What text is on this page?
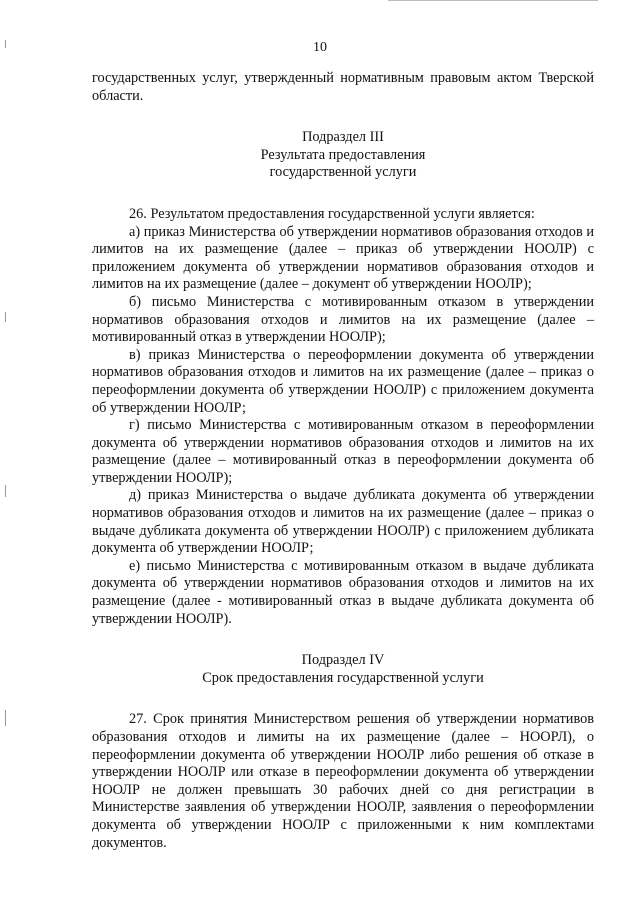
10

государственных услуг, утвержденный нормативным правовым актом Тверской области.

Подраздел III

Результата предоставления

государственной услуги

26. Результатом предоставления государственной услуги является:

а) приказ Министерства об утверждении нормативов образования отходов и лимитов на их размещение (далее – приказ об утверждении НООЛР) с приложением документа об утверждении нормативов образования отходов и лимитов на их размещение (далее – документ об утверждении НООЛР);

б) письмо Министерства с мотивированным отказом в утверждении нормативов образования отходов и лимитов на их размещение (далее – мотивированный отказ в утверждении НООЛР);

в) приказ Министерства о переоформлении документа об утверждении нормативов образования отходов и лимитов на их размещение (далее – приказ о переоформлении документа об утверждении НООЛР) с приложением документа об утверждении НООЛР;

г) письмо Министерства с мотивированным отказом в переоформлении документа об утверждении нормативов образования отходов и лимитов на их размещение (далее – мотивированный отказ в переоформлении документа об утверждении НООЛР);

д) приказ Министерства о выдаче дубликата документа об утверждении нормативов образования отходов и лимитов на их размещение (далее – приказ о выдаче дубликата документа об утверждении НООЛР) с приложением дубликата документа об утверждении НООЛР;

е) письмо Министерства с мотивированным отказом в выдаче дубликата документа об утверждении нормативов образования отходов и лимитов на их размещение (далее - мотивированный отказ в выдаче дубликата документа об утверждении НООЛР).

Подраздел IV

Срок предоставления государственной услуги

27. Срок принятия Министерством решения об утверждении нормативов образования отходов и лимиты на их размещение (далее – НООРЛ), о переоформлении документа об утверждении НООЛР либо решения об отказе в утверждении НООЛР или отказе в переоформлении документа об утверждении НООЛР не должен превышать 30 рабочих дней со дня регистрации в Министерстве заявления об утверждении НООЛР, заявления о переоформлении документа об утверждении НООЛР с приложенными к ним комплектами документов.
